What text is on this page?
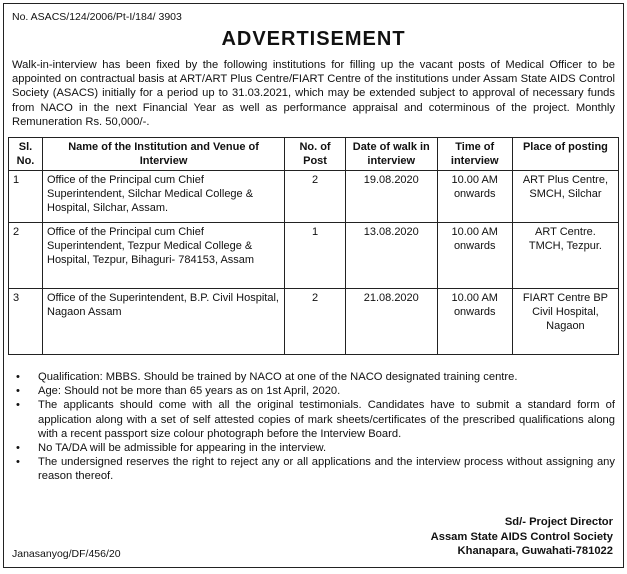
No. ASACS/124/2006/Pt-I/184/ 3903
ADVERTISEMENT
Walk-in-interview has been fixed by the following institutions for filling up the vacant posts of Medical Officer to be appointed on contractual basis at ART/ART Plus Centre/FIART Centre of the institutions under Assam State AIDS Control Society (ASACS) initially for a period up to 31.03.2021, which may be extended subject to approval of necessary funds from NACO in the next Financial Year as well as performance appraisal and coterminous of the project. Monthly Remuneration Rs. 50,000/-.
Sl. No.	Name of the Institution and Venue of Interview	No. of Post	Date of walk in interview	Time of interview	Place of posting
1	Office of the Principal cum Chief Superintendent, Silchar Medical College & Hospital, Silchar, Assam.	2	19.08.2020	10.00 AM onwards	ART Plus Centre, SMCH, Silchar
2	Office of the Principal cum Chief Superintendent, Tezpur Medical College & Hospital, Tezpur, Bihaguri- 784153, Assam	1	13.08.2020	10.00 AM onwards	ART Centre. TMCH, Tezpur.
3	Office of the Superintendent, B.P. Civil Hospital, Nagaon Assam	2	21.08.2020	10.00 AM onwards	FIART Centre BP Civil Hospital, Nagaon
• Qualification: MBBS. Should be trained by NACO at one of the NACO designated training centre.
• Age: Should not be more than 65 years as on 1st April, 2020.
• The applicants should come with all the original testimonials. Candidates have to submit a standard form of application along with a set of self attested copies of mark sheets/certificates of the prescribed qualifications along with a recent passport size colour photograph before the Interview Board.
• No TA/DA will be admissible for appearing in the interview.
• The undersigned reserves the right to reject any or all applications and the interview process without assigning any reason thereof.
Sd/- Project Director
Assam State AIDS Control Society
Khanapara, Guwahati-781022
Janasanyog/DF/456/20
